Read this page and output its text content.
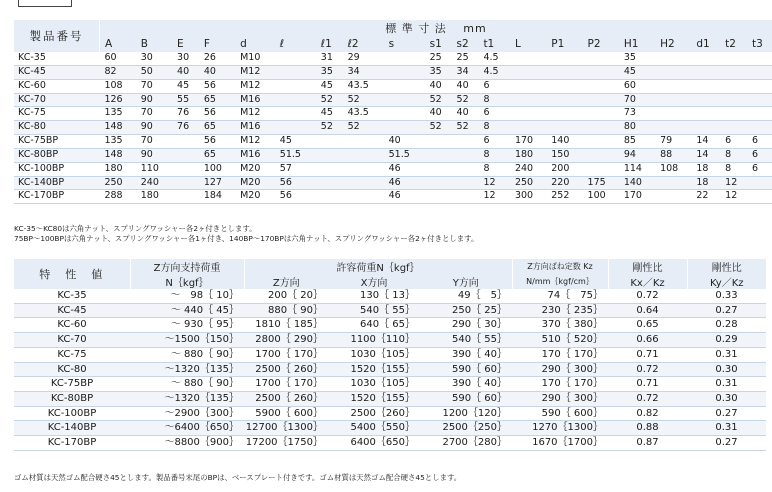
製品番号	標 準 寸 法　 mm																			
	A	B	E	F	d	ℓ	ℓ1	ℓ2	s	s1	s2	t1	L	P1	P2	H1	H2	d1	t2	t3
KC-35	60	30	30	26	M10		31	29		25	25	4.5				35				
KC-45	82	50	40	40	M12		35	34		35	34	4.5				45				
KC-60	108	70	45	56	M12		45	43.5		40	40	6				60				
KC-70	126	90	55	65	M16		52	52		52	52	8				70				
KC-75	135	70	76	56	M12		45	43.5		40	40	6				73				
KC-80	148	90	76	65	M16		52	52		52	52	8				80				
KC-75BP	135	70		56	M12	45			40			6	170	140		85	79	14	6	6
KC-80BP	148	90		65	M16	51.5			51.5			8	180	150		94	88	14	8	6
KC-100BP	180	110		100	M20	57			46			8	240	200		114	108	18	8	6
KC-140BP	250	240		127	M20	56			46			12	250	220	175	140		18	12	
KC-170BP	288	180		184	M20	56			46			12	300	252	100	170		22	12	
KC-35～KC80は六角ナット、スプリングワッシャー各2ヶ付きとします。
75BP～100BPは六角ナット、スプリングワッシャー各1ヶ付き、140BP～170BPは六角ナット、スプリングワッシャー各2ヶ付きとします。
特　性　値	Z方向支持荷重	許容荷重N｛kgf｝			Z方向ばね定数 Kz	剛性比	剛性比
	N｛kgf｝	Z方向	X方向	Y方向	N/mm｛kgf/cm｝	Kx／Kz	Ky／Kz
KC-35	～　98｛ 10｝	200｛ 20｝	130｛ 13｝	49｛　5｝	74｛　75｝	0.72	0.33
KC-45	～ 440｛ 45｝	880｛ 90｝	540｛ 55｝	250｛ 25｝	230｛ 235｝	0.64	0.27
KC-60	～ 930｛ 95｝	1810｛ 185｝	640｛ 65｝	290｛ 30｝	370｛ 380｝	0.65	0.28
KC-70	～1500｛150｝	2800｛ 290｝	1100｛110｝	540｛ 55｝	510｛ 520｝	0.66	0.29
KC-75	～ 880｛ 90｝	1700｛ 170｝	1030｛105｝	390｛ 40｝	170｛ 170｝	0.71	0.31
KC-80	～1320｛135｝	2500｛ 260｝	1520｛155｝	590｛ 60｝	290｛ 300｝	0.72	0.30
KC-75BP	～ 880｛ 90｝	1700｛ 170｝	1030｛105｝	390｛ 40｝	170｛ 170｝	0.71	0.31
KC-80BP	～1320｛135｝	2500｛ 260｝	1520｛155｝	590｛ 60｝	290｛ 300｝	0.72	0.30
KC-100BP	～2900｛300｝	5900｛ 600｝	2500｛260｝	1200｛120｝	590｛ 600｝	0.82	0.27
KC-140BP	～6400｛650｝	12700｛1300｝	5400｛550｝	2500｛250｝	1270｛1300｝	0.88	0.31
KC-170BP	～8800｛900｝	17200｛1750｝	6400｛650｝	2700｛280｝	1670｛1700｝	0.87	0.27
ゴム材質は天然ゴム配合硬さ45とします。製品番号末尾のBPは、ベースプレート付きです。ゴム材質は天然ゴム配合硬さ45とします。
